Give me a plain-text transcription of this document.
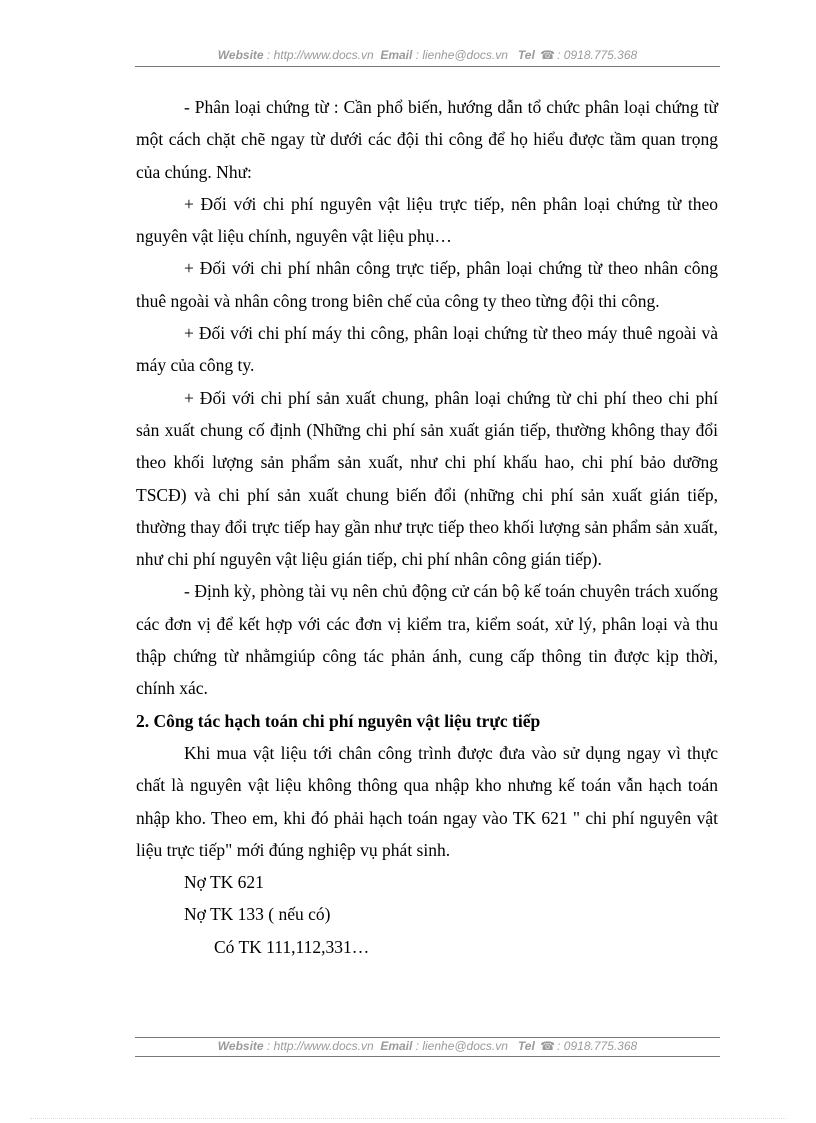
Website : http://www.docs.vn Email : lienhe@docs.vn Tel ☎ : 0918.775.368

- Phân loại chứng từ : Cần phổ biến, hướng dẫn tổ chức phân loại chứng từ một cách chặt chẽ ngay từ dưới các đội thi công để họ hiểu được tầm quan trọng của chúng. Như:

+ Đối với chi phí nguyên vật liệu trực tiếp, nên phân loại chứng từ theo nguyên vật liệu chính, nguyên vật liệu phụ…

+ Đối với chi phí nhân công trực tiếp, phân loại chứng từ theo nhân công thuê ngoài và nhân công trong biên chế của công ty theo từng đội thi công.

+ Đối với chi phí máy thi công, phân loại chứng từ theo máy thuê ngoài và máy của công ty.

+ Đối với chi phí sản xuất chung, phân loại chứng từ chi phí theo chi phí sản xuất chung cố định (Những chi phí sản xuất gián tiếp, thường không thay đổi theo khối lượng sản phẩm sản xuất, như chi phí khấu hao, chi phí bảo dưỡng TSCĐ) và chi phí sản xuất chung biến đổi (những chi phí sản xuất gián tiếp, thường thay đổi trực tiếp hay gần như trực tiếp theo khối lượng sản phẩm sản xuất, như chi phí nguyên vật liệu gián tiếp, chi phí nhân công gián tiếp).

- Định kỳ, phòng tài vụ nên chủ động cử cán bộ kế toán chuyên trách xuống các đơn vị để kết hợp với các đơn vị kiểm tra, kiểm soát, xử lý, phân loại và thu thập chứng từ nhằmgiúp công tác phản ánh, cung cấp thông tin được kịp thời, chính xác.

2. Công tác hạch toán chi phí nguyên vật liệu trực tiếp

Khi mua vật liệu tới chân công trình được đưa vào sử dụng ngay vì thực chất là nguyên vật liệu không thông qua nhập kho nhưng kế toán vẫn hạch toán nhập kho. Theo em, khi đó phải hạch toán ngay vào TK 621 " chi phí nguyên vật liệu trực tiếp" mới đúng nghiệp vụ phát sinh.

Nợ TK 621

Nợ TK 133 ( nếu có)

Có TK 111,112,331…

Website : http://www.docs.vn Email : lienhe@docs.vn Tel ☎ : 0918.775.368
